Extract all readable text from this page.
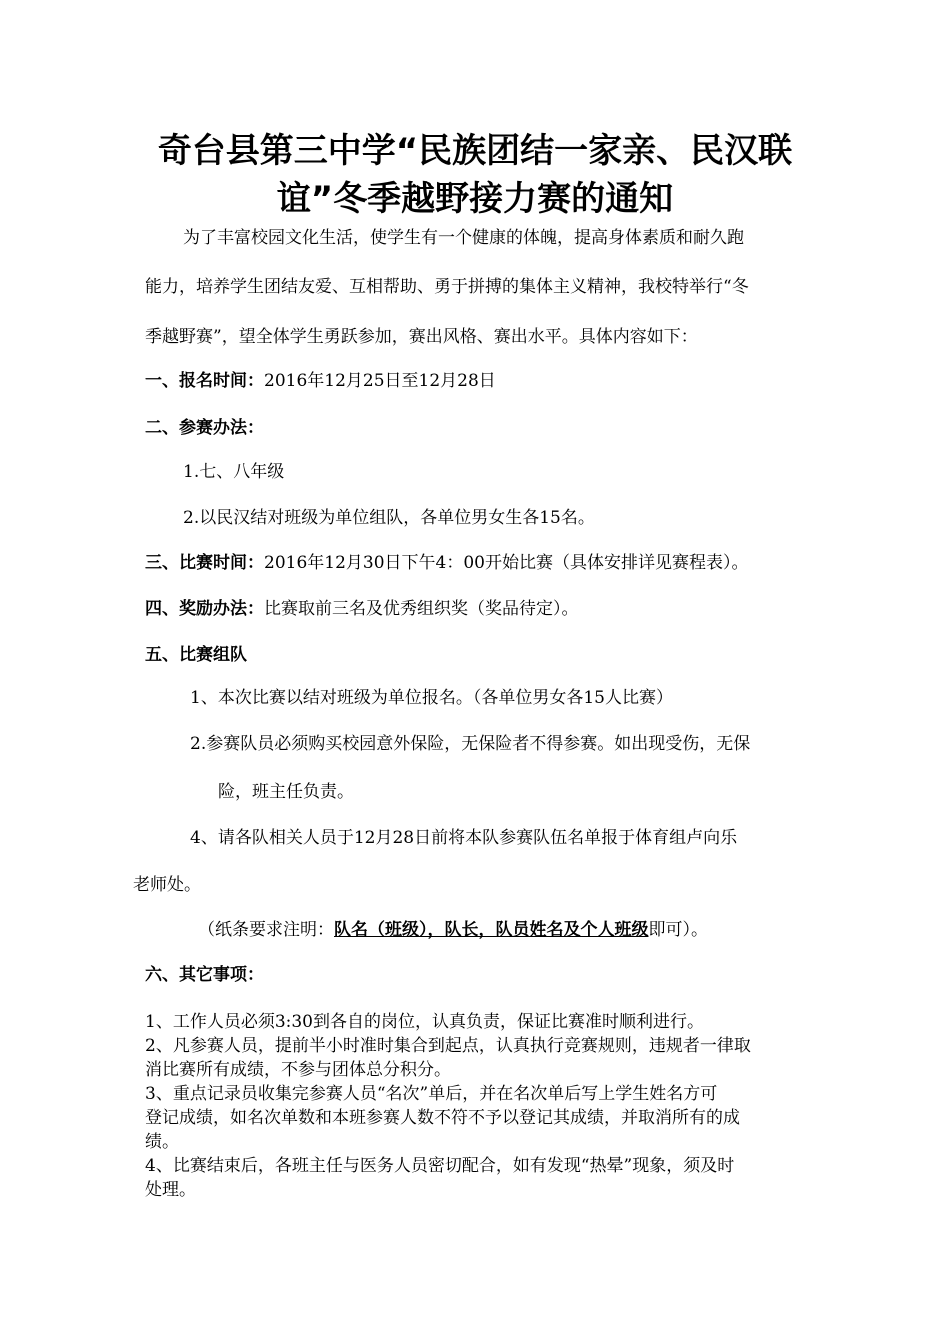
奇台县第三中学“民族团结一家亲、民汉联
谊”冬季越野接力赛的通知
为了丰富校园文化生活，使学生有一个健康的体魄，提高身体素质和耐久跑
能力，培养学生团结友爱、互相帮助、勇于拼搏的集体主义精神，我校特举行“冬
季越野赛”，望全体学生勇跃参加，赛出风格、赛出水平。具体内容如下：
一、报名时间：2016年12月25日至12月28日
二、参赛办法：
1.七、八年级
2.以民汉结对班级为单位组队，各单位男女生各15名。
三、比赛时间：2016年12月30日下午4：00开始比赛（具体安排详见赛程表）。
四、奖励办法：比赛取前三名及优秀组织奖（奖品待定）。
五、比赛组队
1、本次比赛以结对班级为单位报名。（各单位男女各15人比赛）
2.参赛队员必须购买校园意外保险，无保险者不得参赛。如出现受伤，无保
险，班主任负责。
4、请各队相关人员于12月28日前将本队参赛队伍名单报于体育组卢向乐
老师处。
（纸条要求注明：队名（班级），队长，队员姓名及个人班级即可）。
六、其它事项：
1、工作人员必须3:30到各自的岗位，认真负责，保证比赛准时顺利进行。
2、凡参赛人员，提前半小时准时集合到起点，认真执行竞赛规则，违规者一律取
消比赛所有成绩，不参与团体总分积分。
3、重点记录员收集完参赛人员“名次”单后，并在名次单后写上学生姓名方可
登记成绩，如名次单数和本班参赛人数不符不予以登记其成绩，并取消所有的成
绩。
4、比赛结束后，各班主任与医务人员密切配合，如有发现“热晕”现象，须及时
处理。
